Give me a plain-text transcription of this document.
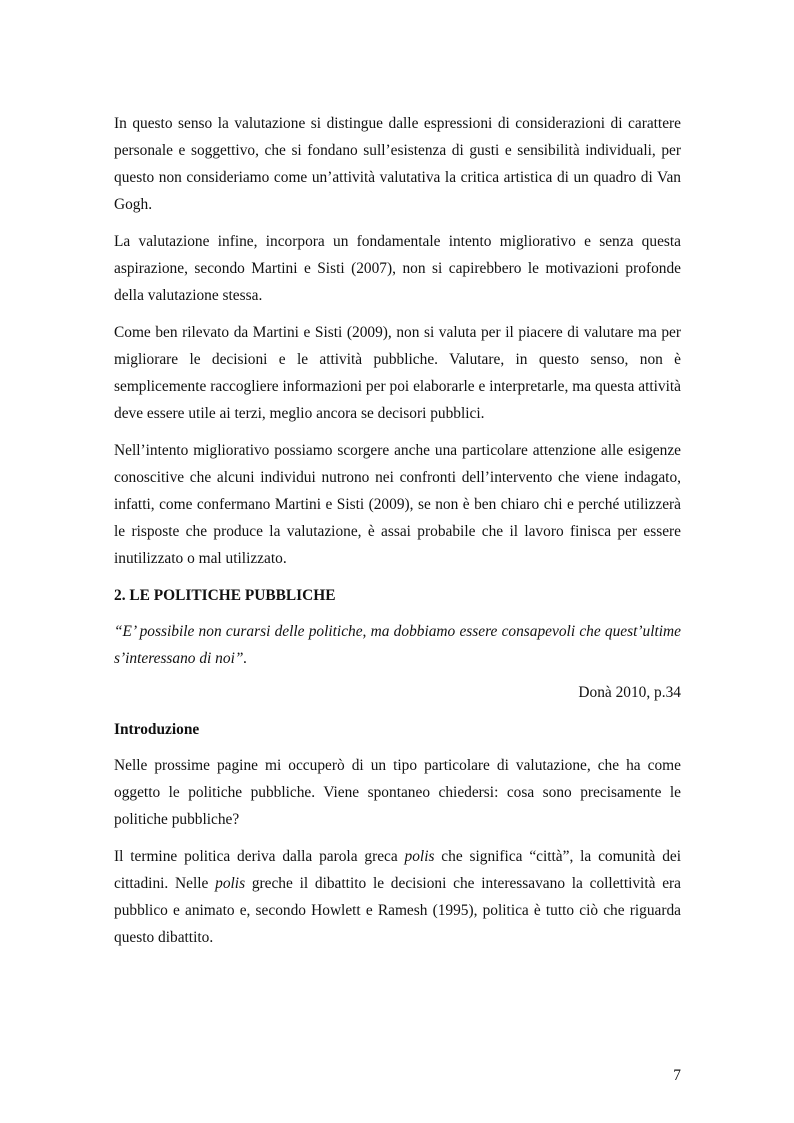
In questo senso la valutazione si distingue dalle espressioni di considerazioni di carattere personale e soggettivo, che si fondano sull’esistenza di gusti e sensibilità individuali, per questo non consideriamo come un’attività valutativa la critica artistica di un quadro di Van Gogh.

La valutazione infine, incorpora un fondamentale intento migliorativo e senza questa aspirazione, secondo Martini e Sisti (2007), non si capirebbero le motivazioni profonde della valutazione stessa.

Come ben rilevato da Martini e Sisti (2009), non si valuta per il piacere di valutare ma per migliorare le decisioni e le attività pubbliche. Valutare, in questo senso, non è semplicemente raccogliere informazioni per poi elaborarle e interpretarle, ma questa attività deve essere utile ai terzi, meglio ancora se decisori pubblici.

Nell’intento migliorativo possiamo scorgere anche una particolare attenzione alle esigenze conoscitive che alcuni individui nutrono nei confronti dell’intervento che viene indagato, infatti, come confermano Martini e Sisti (2009), se non è ben chiaro chi e perché utilizzerà le risposte che produce la valutazione, è assai probabile che il lavoro finisca per essere inutilizzato o mal utilizzato.

2. LE POLITICHE PUBBLICHE

“E’ possibile non curarsi delle politiche, ma dobbiamo essere consapevoli che quest’ultime s’interessano di noi”.

Donà 2010, p.34

Introduzione

Nelle prossime pagine mi occuperò di un tipo particolare di valutazione, che ha come oggetto le politiche pubbliche. Viene spontaneo chiedersi: cosa sono precisamente le politiche pubbliche?

Il termine politica deriva dalla parola greca polis che significa “città”, la comunità dei cittadini. Nelle polis greche il dibattito le decisioni che interessavano la collettività era pubblico e animato e, secondo Howlett e Ramesh (1995), politica è tutto ciò che riguarda questo dibattito.

7
